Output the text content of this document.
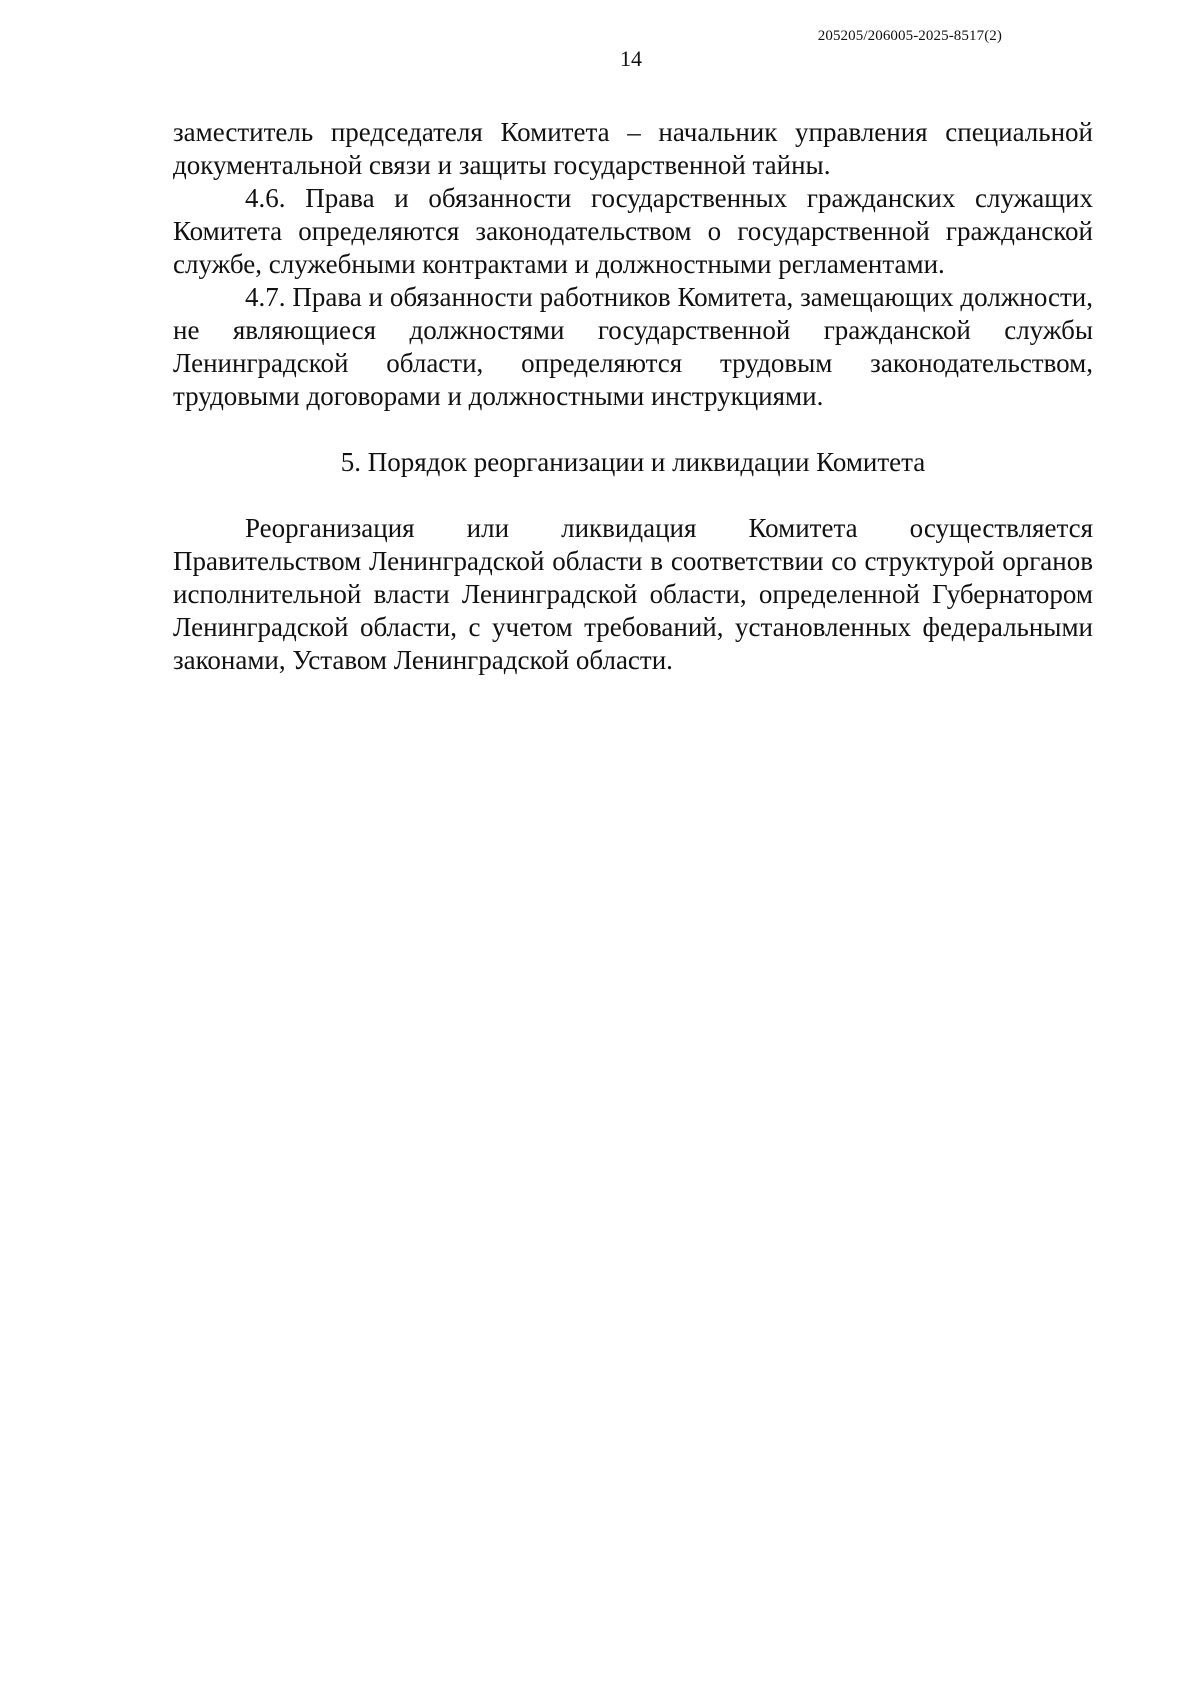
205205/206005-2025-8517(2)
14

заместитель председателя Комитета – начальник управления специальной документальной связи и защиты государственной тайны.

4.6. Права и обязанности государственных гражданских служащих Комитета определяются законодательством о государственной гражданской службе, служебными контрактами и должностными регламентами.

4.7. Права и обязанности работников Комитета, замещающих должности, не являющиеся должностями государственной гражданской службы Ленинградской области, определяются трудовым законодательством, трудовыми договорами и должностными инструкциями.

5. Порядок реорганизации и ликвидации Комитета

Реорганизация или ликвидация Комитета осуществляется Правительством Ленинградской области в соответствии со структурой органов исполнительной власти Ленинградской области, определенной Губернатором Ленинградской области, с учетом требований, установленных федеральными законами, Уставом Ленинградской области.
